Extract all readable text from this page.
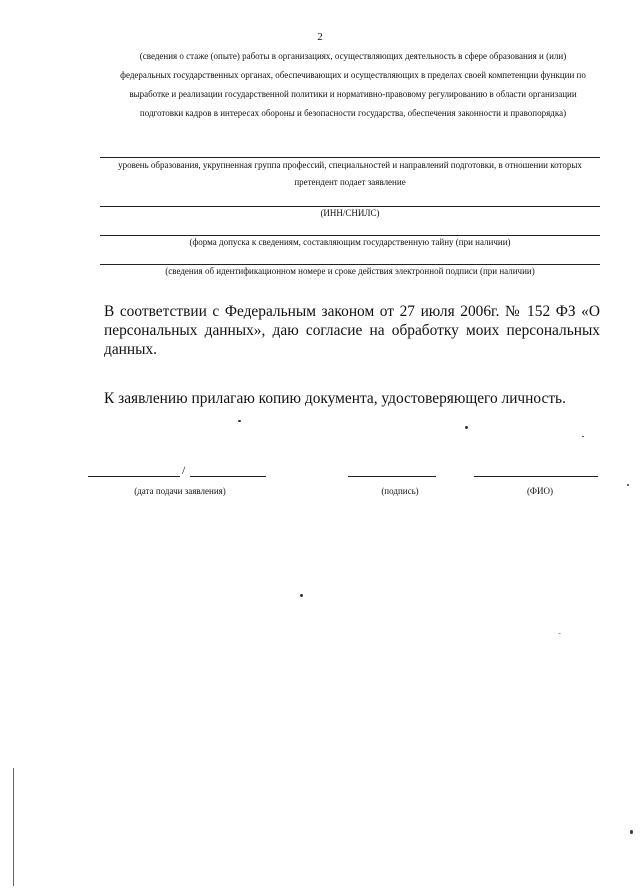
2

(сведения о стаже (опыте) работы в организациях, осуществляющих деятельность в сфере образования и (или)
федеральных государственных органах, обеспечивающих и осуществляющих в пределах своей компетенции функции по
выработке и реализации государственной политики и нормативно-правовому регулированию в области организации
подготовки кадров в интересах обороны и безопасности государства, обеспечения законности и правопорядка)
уровень образования, укрупненная группа профессий, специальностей и направлений подготовки, в отношении которых
претендент подает заявление
(ИНН/СНИЛС)
(форма допуска к сведениям, составляющим государственную тайну (при наличии)
(сведения об идентификационном номере и сроке действия электронной подписи (при наличии)

В соответствии с Федеральным законом от 27 июля 2006г. № 152 ФЗ «О персональных данных», даю согласие на обработку моих персональных данных.

К заявлению прилагаю копию документа, удостоверяющего личность.

/
(дата подачи заявления)	(подпись)	(ФИО)
